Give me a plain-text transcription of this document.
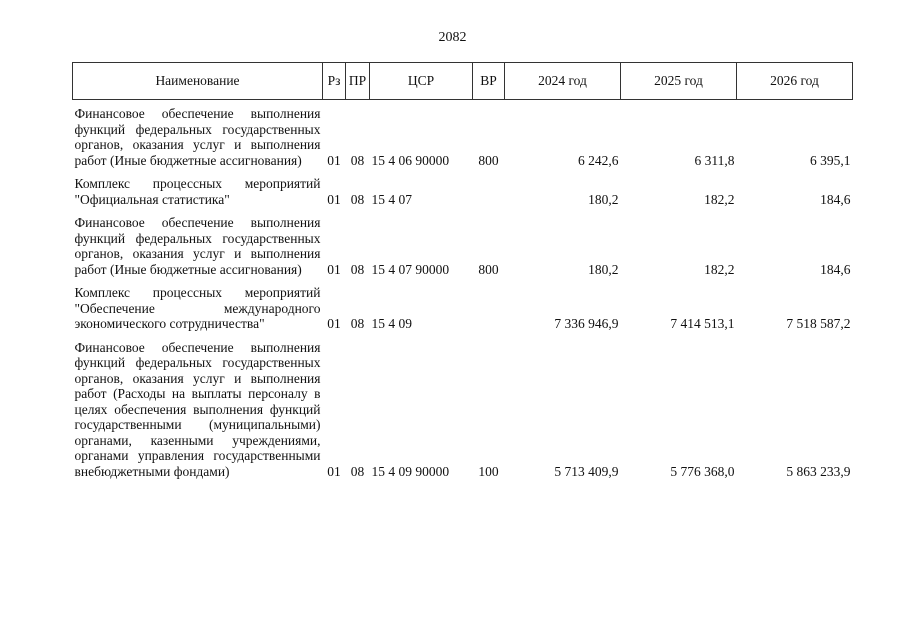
2082
Наименование	Рз	ПР	ЦСР	ВР	2024 год	2025 год	2026 год
Финансовое обеспечение выполнения функций федеральных государственных органов, оказания услуг и выполнения работ (Иные бюджетные ассигнования)	01	08	15 4 06 90000	800	6 242,6	6 311,8	6 395,1
Комплекс процессных мероприятий "Официальная статистика"	01	08	15 4 07		180,2	182,2	184,6
Финансовое обеспечение выполнения функций федеральных государственных органов, оказания услуг и выполнения работ (Иные бюджетные ассигнования)	01	08	15 4 07 90000	800	180,2	182,2	184,6
Комплекс процессных мероприятий "Обеспечение международного экономического сотрудничества"	01	08	15 4 09		7 336 946,9	7 414 513,1	7 518 587,2
Финансовое обеспечение выполнения функций федеральных государственных органов, оказания услуг и выполнения работ (Расходы на выплаты персоналу в целях обеспечения выполнения функций государственными (муниципальными) органами, казенными учреждениями, органами управления государственными внебюджетными фондами)	01	08	15 4 09 90000	100	5 713 409,9	5 776 368,0	5 863 233,9
